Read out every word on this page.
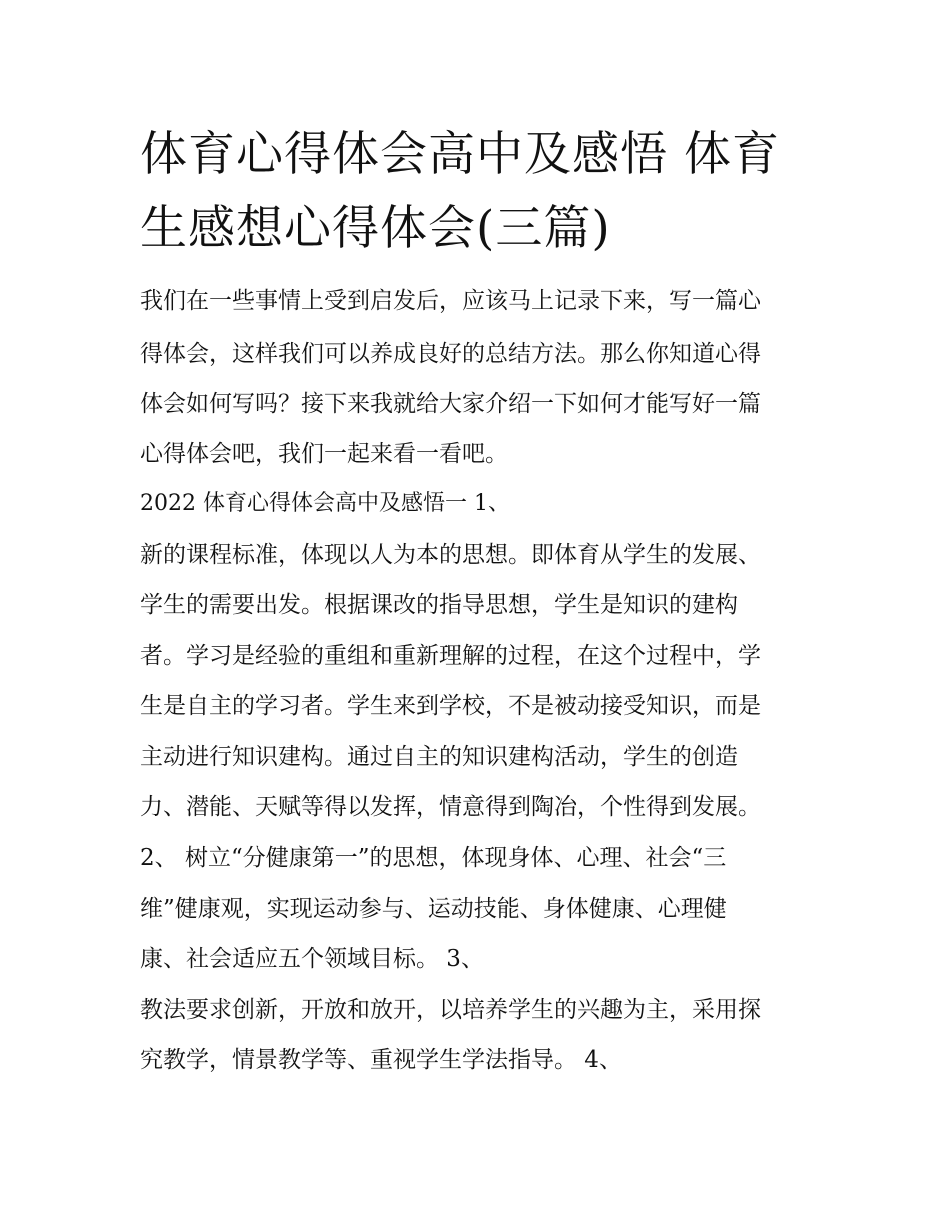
体育心得体会高中及感悟 体育
生感想心得体会(三篇)
我们在一些事情上受到启发后，应该马上记录下来，写一篇心
得体会，这样我们可以养成良好的总结方法。那么你知道心得
体会如何写吗？接下来我就给大家介绍一下如何才能写好一篇
心得体会吧，我们一起来看一看吧。
2022 体育心得体会高中及感悟一 1、
新的课程标准，体现以人为本的思想。即体育从学生的发展、
学生的需要出发。根据课改的指导思想，学生是知识的建构
者。学习是经验的重组和重新理解的过程，在这个过程中，学
生是自主的学习者。学生来到学校，不是被动接受知识，而是
主动进行知识建构。通过自主的知识建构活动，学生的创造
力、潜能、天赋等得以发挥，情意得到陶冶，个性得到发展。
2、 树立“分健康第一”的思想，体现身体、心理、社会“三
维”健康观，实现运动参与、运动技能、身体健康、心理健
康、社会适应五个领域目标。 3、
教法要求创新，开放和放开，以培养学生的兴趣为主，采用探
究教学，情景教学等、重视学生学法指导。 4、
